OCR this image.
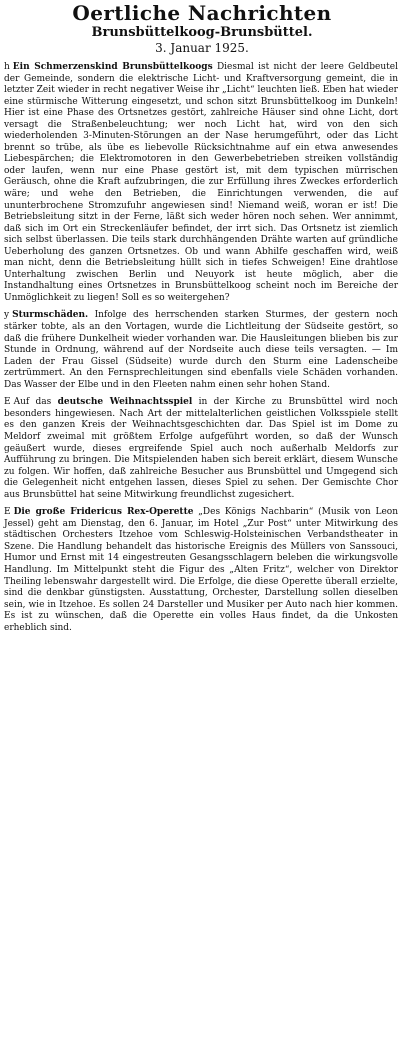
Oertliche Nachrichten
Brunsbüttelkoog-Brunsbüttel.
3. Januar 1925.

h Ein Schmerzenskind Brunsbüttelkoogs Diesmal ist nicht der leere Geldbeutel der Gemeinde, sondern die elektrische Licht- und Kraftversorgung gemeint, die in letzter Zeit wieder in recht negativer Weise ihr „Licht“ leuchten ließ. Eben hat wieder eine stürmische Witterung eingesetzt, und schon sitzt Brunsbüttelkoog im Dunkeln! Hier ist eine Phase des Ortsnetzes gestört, zahlreiche Häuser sind ohne Licht, dort versagt die Straßenbeleuchtung; wer noch Licht hat, wird von den sich wiederholenden 3-Minuten-Störungen an der Nase herumgeführt, oder das Licht brennt so trübe, als übe es liebevolle Rücksichtnahme auf ein etwa anwesendes Liebespärchen; die Elektromotoren in den Gewerbebetrieben streiken vollständig oder laufen, wenn nur eine Phase gestört ist, mit dem typischen mürrischen Geräusch, ohne die Kraft aufzubringen, die zur Erfüllung ihres Zweckes erforderlich wäre; und wehe den Betrieben, die Einrichtungen verwenden, die auf ununterbrochene Stromzufuhr angewiesen sind! Niemand weiß, woran er ist! Die Betriebsleitung sitzt in der Ferne, läßt sich weder hören noch sehen. Wer annimmt, daß sich im Ort ein Streckenläufer befindet, der irrt sich. Das Ortsnetz ist ziemlich sich selbst überlassen. Die teils stark durchhängenden Drähte warten auf gründliche Ueberholung des ganzen Ortsnetzes. Ob und wann Abhilfe geschaffen wird, weiß man nicht, denn die Betriebsleitung hüllt sich in tiefes Schweigen! Eine drahtlose Unterhaltung zwischen Berlin und Neuyork ist heute möglich, aber die Instandhaltung eines Ortsnetzes in Brunsbüttelkoog scheint noch im Bereiche der Unmöglichkeit zu liegen! Soll es so weitergehen?

y Sturmschäden. Infolge des herrschenden starken Sturmes, der gestern noch stärker tobte, als an den Vortagen, wurde die Lichtleitung der Südseite gestört, so daß die frühere Dunkelheit wieder vorhanden war. Die Hausleitungen blieben bis zur Stunde in Ordnung, während auf der Nordseite auch diese teils versagten. — Im Laden der Frau Gissel (Südseite) wurde durch den Sturm eine Ladenscheibe zertrümmert. An den Fernsprechleitungen sind ebenfalls viele Schäden vorhanden. Das Wasser der Elbe und in den Fleeten nahm einen sehr hohen Stand.

E Auf das deutsche Weihnachtsspiel in der Kirche zu Brunsbüttel wird noch besonders hingewiesen. Nach Art der mittelalterlichen geistlichen Volksspiele stellt es den ganzen Kreis der Weihnachtsgeschichten dar. Das Spiel ist im Dome zu Meldorf zweimal mit größtem Erfolge aufgeführt worden, so daß der Wunsch geäußert wurde, dieses ergreifende Spiel auch noch außerhalb Meldorfs zur Aufführung zu bringen. Die Mitspielenden haben sich bereit erklärt, diesem Wunsche zu folgen. Wir hoffen, daß zahlreiche Besucher aus Brunsbüttel und Umgegend sich die Gelegenheit nicht entgehen lassen, dieses Spiel zu sehen. Der Gemischte Chor aus Brunsbüttel hat seine Mitwirkung freundlichst zugesichert.

E Die große Fridericus Rex-Operette „Des Königs Nachbarin“ (Musik von Leon Jessel) geht am Dienstag, den 6. Januar, im Hotel „Zur Post“ unter Mitwirkung des städtischen Orchesters Itzehoe vom Schleswig-Holsteinischen Verbandstheater in Szene. Die Handlung behandelt das historische Ereignis des Müllers von Sanssouci, Humor und Ernst mit 14 eingestreuten Gesangsschlagern beleben die wirkungsvolle Handlung. Im Mittelpunkt steht die Figur des „Alten Fritz“, welcher von Direktor Theiling lebenswahr dargestellt wird. Die Erfolge, die diese Operette überall erzielte, sind die denkbar günstigsten. Ausstattung, Orchester, Darstellung sollen dieselben sein, wie in Itzehoe. Es sollen 24 Darsteller und Musiker per Auto nach hier kommen. Es ist zu wünschen, daß die Operette ein volles Haus findet, da die Unkosten erheblich sind.
